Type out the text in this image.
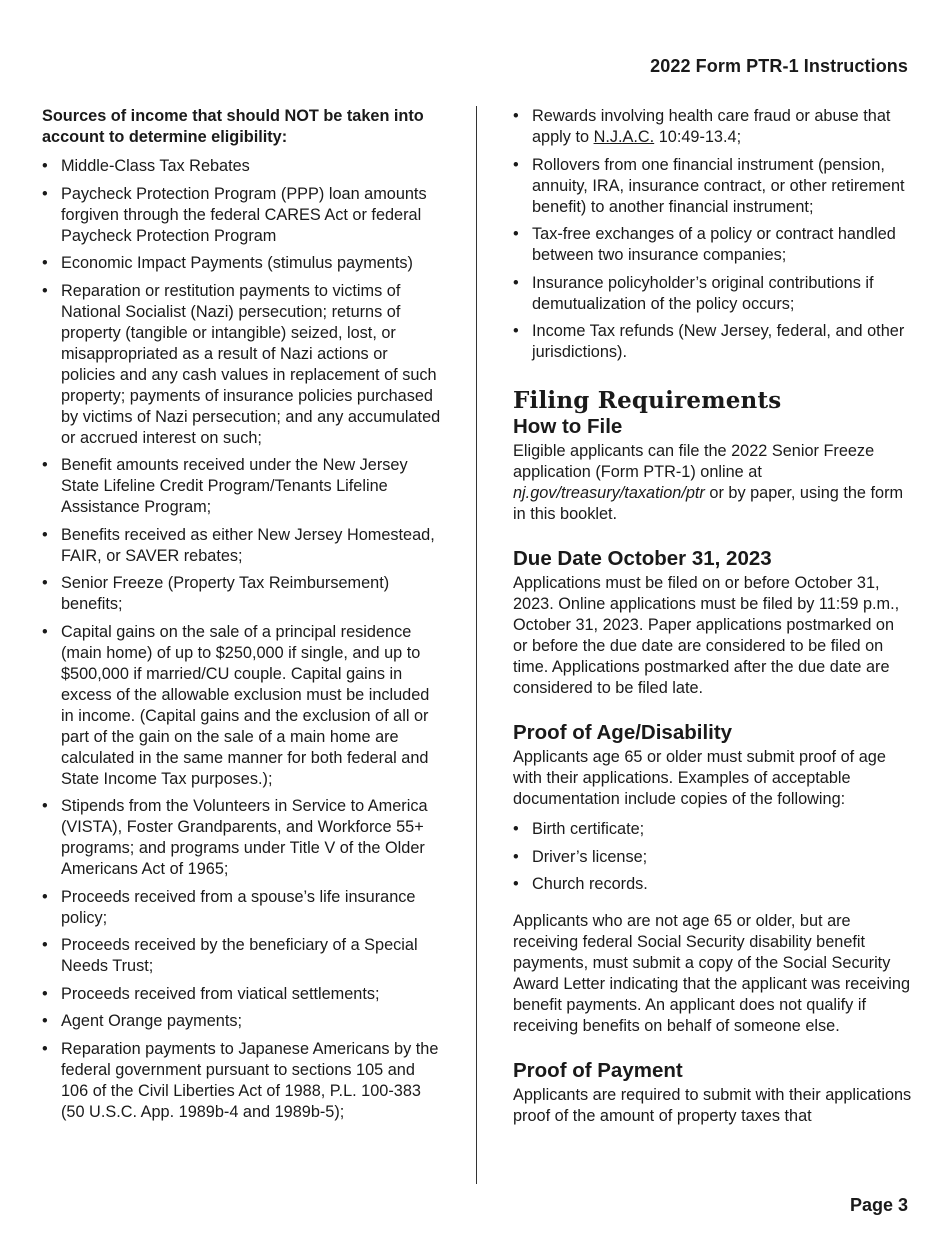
2022 Form PTR-1 Instructions
Sources of income that should NOT be taken into account to determine eligibility:
• Middle-Class Tax Rebates
• Paycheck Protection Program (PPP) loan amounts forgiven through the federal CARES Act or federal Paycheck Protection Program
• Economic Impact Payments (stimulus payments)
• Reparation or restitution payments to victims of National Socialist (Nazi) persecution; returns of property (tangible or intangible) seized, lost, or misappropriated as a result of Nazi actions or policies and any cash values in replacement of such property; payments of insurance policies purchased by victims of Nazi persecution; and any accumulated or accrued interest on such;
• Benefit amounts received under the New Jersey State Lifeline Credit Program/Tenants Lifeline Assistance Program;
• Benefits received as either New Jersey Homestead, FAIR, or SAVER rebates;
• Senior Freeze (Property Tax Reimbursement) benefits;
• Capital gains on the sale of a principal residence (main home) of up to $250,000 if single, and up to $500,000 if married/CU couple. Capital gains in excess of the allowable exclusion must be included in income. (Capital gains and the exclusion of all or part of the gain on the sale of a main home are calculated in the same manner for both federal and State Income Tax purposes.);
• Stipends from the Volunteers in Service to America (VISTA), Foster Grandparents, and Workforce 55+ programs; and programs under Title V of the Older Americans Act of 1965;
• Proceeds received from a spouse’s life insurance policy;
• Proceeds received by the beneficiary of a Special Needs Trust;
• Proceeds received from viatical settlements;
• Agent Orange payments;
• Reparation payments to Japanese Americans by the federal government pursuant to sections 105 and 106 of the Civil Liberties Act of 1988, P.L. 100-383 (50 U.S.C. App. 1989b-4 and 1989b-5);
• Rewards involving health care fraud or abuse that apply to N.J.A.C. 10:49-13.4;
• Rollovers from one financial instrument (pension, annuity, IRA, insurance contract, or other retirement benefit) to another financial instrument;
• Tax-free exchanges of a policy or contract handled between two insurance companies;
• Insurance policyholder’s original contributions if demutualization of the policy occurs;
• Income Tax refunds (New Jersey, federal, and other jurisdictions).
Filing Requirements
How to File

Eligible applicants can file the 2022 Senior Freeze application (Form PTR-1) online at nj.gov/treasury/taxation/ptr or by paper, using the form in this booklet.

Due Date October 31, 2023

Applications must be filed on or before October 31, 2023. Online applications must be filed by 11:59 p.m., October 31, 2023. Paper applications postmarked on or before the due date are considered to be filed on time. Applications postmarked after the due date are considered to be filed late.

Proof of Age/Disability

Applicants age 65 or older must submit proof of age with their applications. Examples of acceptable documentation include copies of the following:

• Birth certificate;
• Driver’s license;
• Church records.

Applicants who are not age 65 or older, but are receiving federal Social Security disability benefit payments, must submit a copy of the Social Security Award Letter indicating that the applicant was receiving benefit payments. An applicant does not qualify if receiving benefits on behalf of someone else.

Proof of Payment

Applicants are required to submit with their applications proof of the amount of property taxes that

Page 3
